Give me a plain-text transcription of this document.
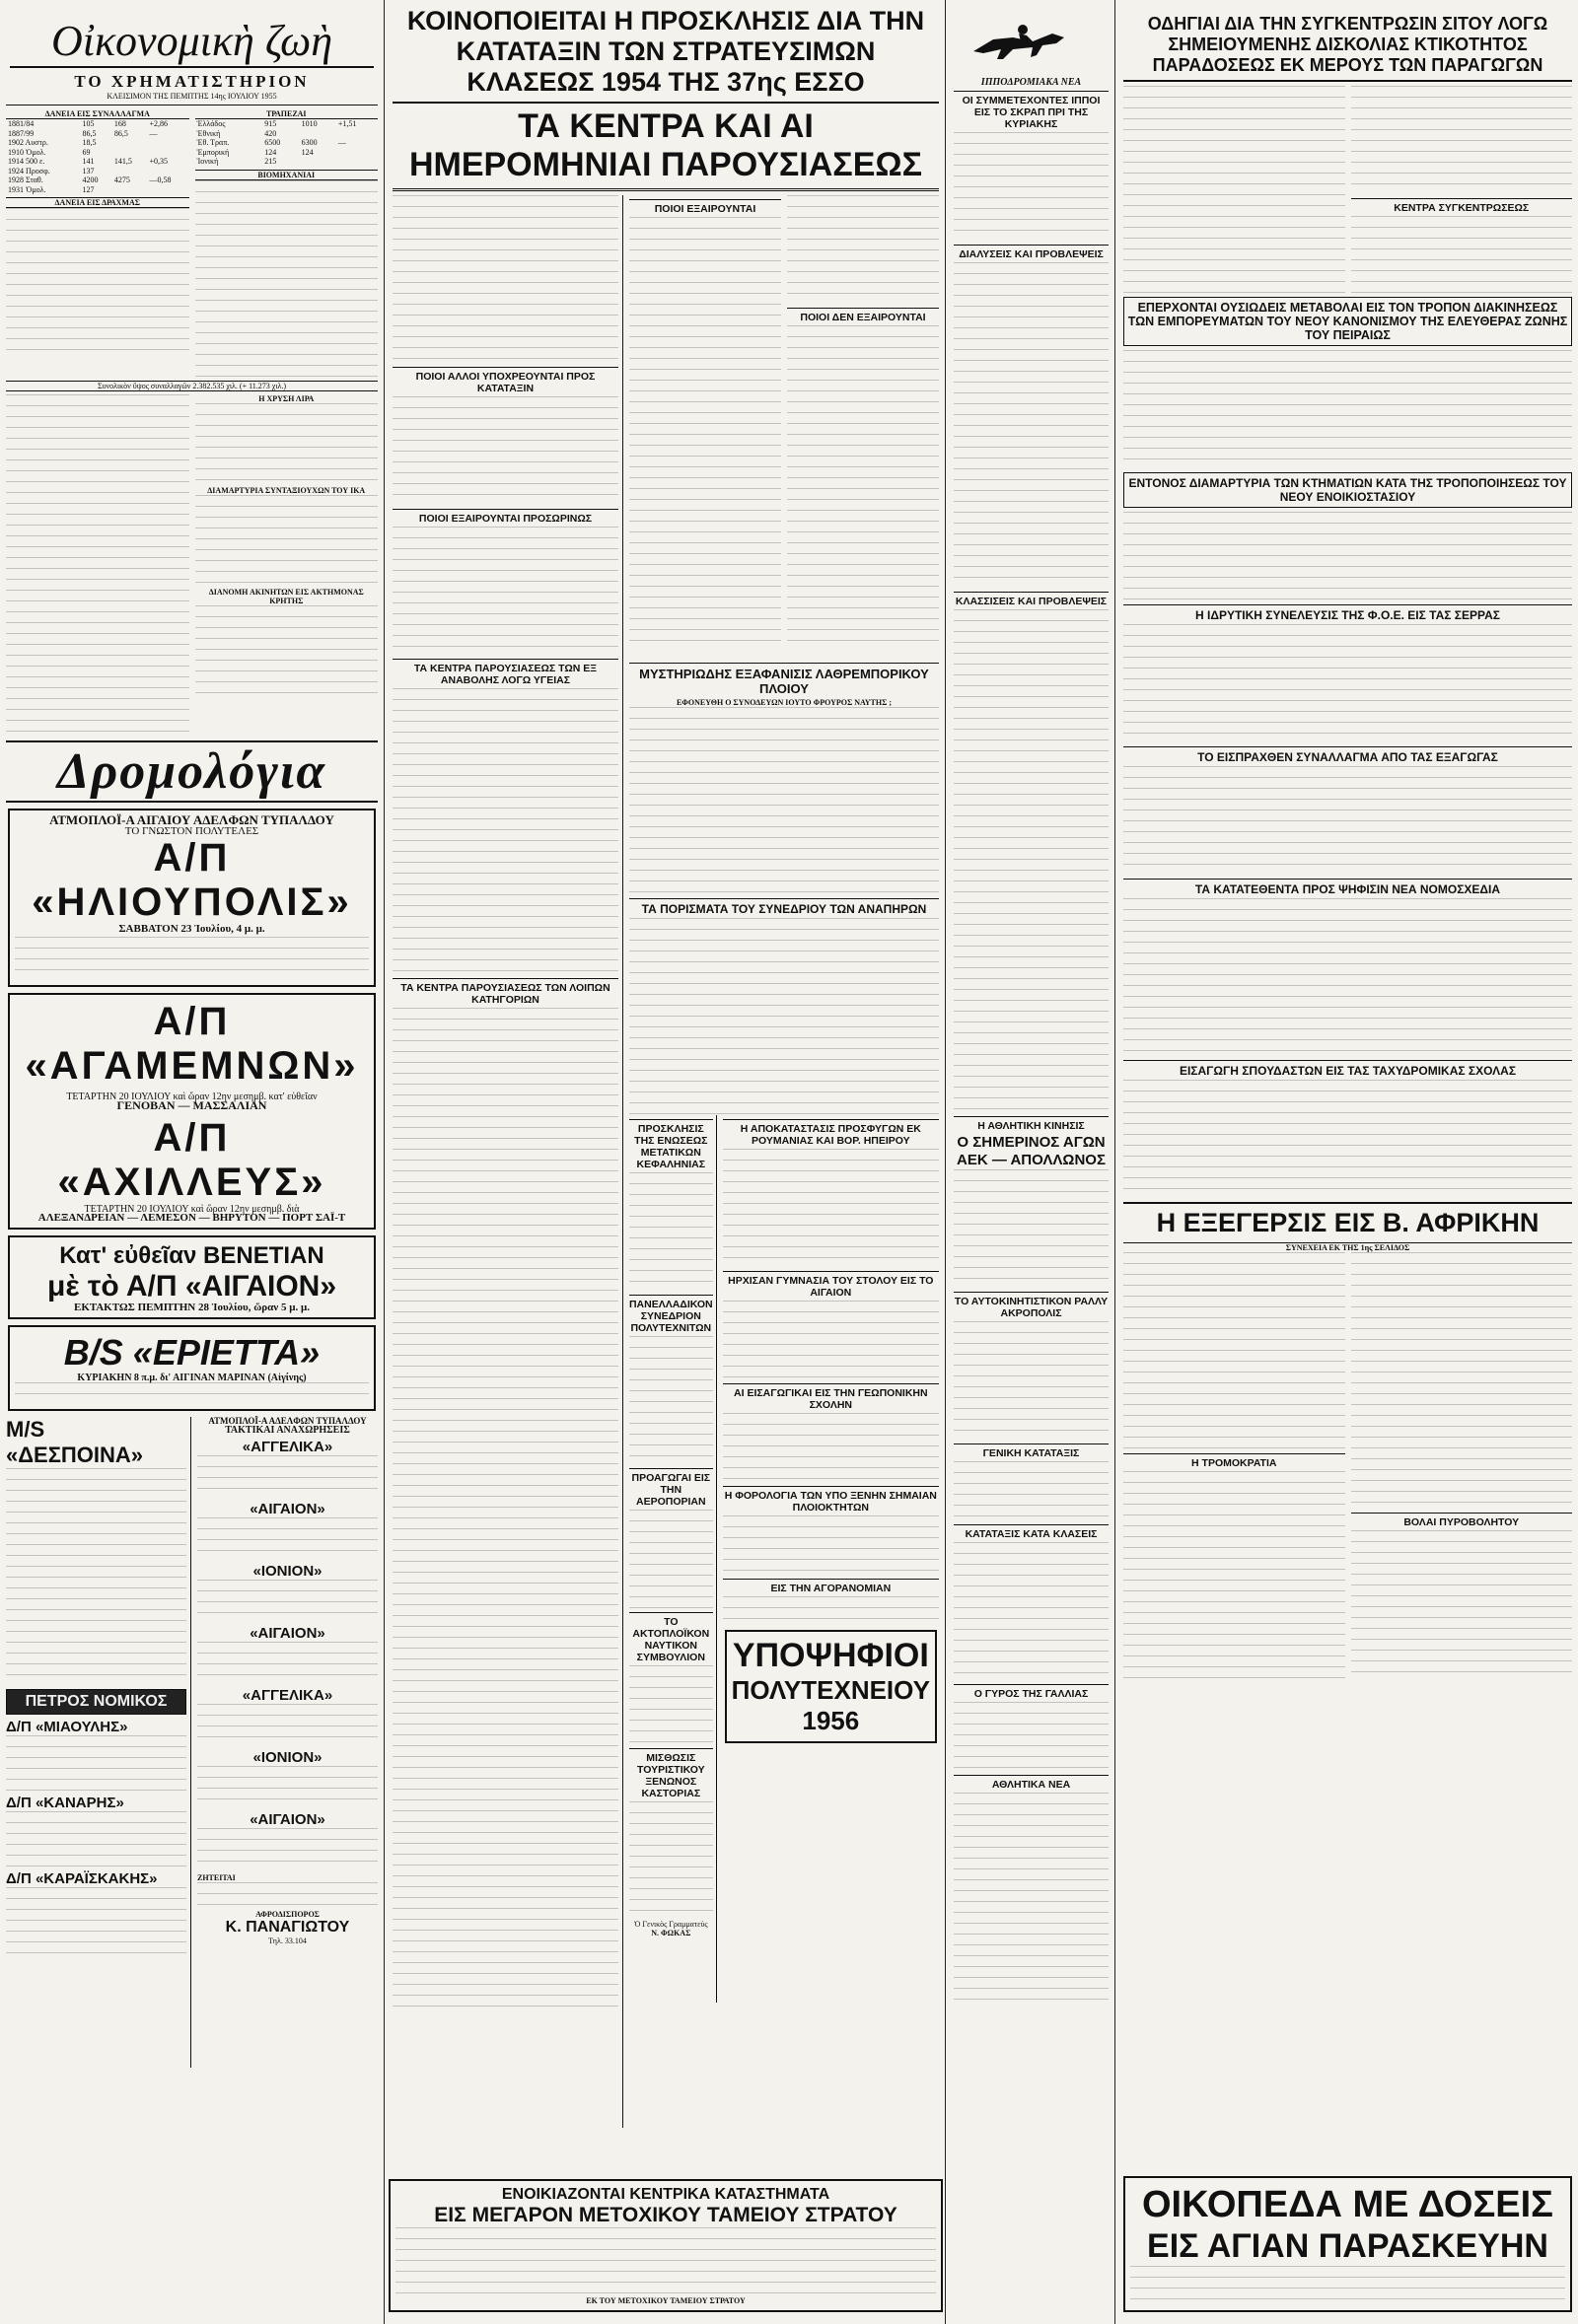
Οἰκονομικὴ ζωὴ
ΤΟ ΧΡΗΜΑΤΙΣΤΗΡΙΟΝ
ΚΛΕΙΣΙΜΟΝ ΤΗΣ ΠΕΜΠΤΗΣ 14ης ΙΟΥΛΙΟΥ 1955
ΔΑΝΕΙΑ ΕΙΣ ΣΥΝΑΛΛΑΓΜΑ
1881/84	105	168	+2,86
1887/99	86,5	86,5	—
1902 Αυστρ.	18,5		
1910 Ὁμολ.	69		
1914 500 ε.	141	141,5	+0,35
1924 Προσφ.	137		
1928 Σταθ.	4200	4275	—0,58
1931 Ὁμολ.	127		
ΔΑΝΕΙΑ ΕΙΣ ΔΡΑΧΜΑΣ
ΤΡΑΠΕΖΑΙ
Ἑλλάδος	915	1010	+1,51
Ἐθνική	420		
Ἐθ. Τραπ.	6500	6300	—
Ἐμπορική	124	124	
Ἰονική	215		
ΒΙΟΜΗΧΑΝΙΑΙ
Συνολικὸν ὕψος συναλλαγῶν 2.382.535 χιλ. (+ 11.273 χιλ.)
Η ΧΡΥΣΗ ΛΙΡΑ
ΔΙΑΜΑΡΤΥΡΙΑ ΣΥΝΤΑΞΙΟΥΧΩΝ ΤΟΥ ΙΚΑ
ΔΙΑΝΟΜΗ ΑΚΙΝΗΤΩΝ ΕΙΣ ΑΚΤΗΜΟΝΑΣ ΚΡΗΤΗΣ
Δρομολόγια
ΑΤΜΟΠΛΟΪ-Α ΑΙΓΑΙΟΥ ΑΔΕΛΦΩΝ ΤΥΠΑΛΔΟΥ
ΤΟ ΓΝΩΣΤΟΝ ΠΟΛΥΤΕΛΕΣ
Α/Π «ΗΛΙΟΥΠΟΛΙΣ»
ΣΑΒΒΑΤΟΝ 23 Ἰουλίου, 4 μ. μ.
Α/Π «ΑΓΑΜΕΜΝΩΝ»
ΤΕΤΑΡΤΗΝ 20 ΙΟΥΛΙΟΥ καὶ ὥραν 12ην μεσημβ. κατ' εὐθεῖαν
ΓΕΝΟΒΑΝ — ΜΑΣΣΑΛΙΑΝ
Α/Π «ΑΧΙΛΛΕΥΣ»
ΤΕΤΑΡΤΗΝ 20 ΙΟΥΛΙΟΥ καὶ ὥραν 12ην μεσημβ. διὰ
ΑΛΕΞΑΝΔΡΕΙΑΝ — ΛΕΜΕΣΟΝ — ΒΗΡΥΤΟΝ — ΠΟΡΤ ΣΑΪ-Τ
Κατ' εὐθεῖαν BENETIAN
μὲ τὸ Α/Π «ΑΙΓΑΙΟΝ»
ΕΚΤΑΚΤΩΣ ΠΕΜΠΤΗΝ 28 Ἰουλίου, ὥραν 5 μ. μ.
Β/S «ΕΡΙΕΤΤΑ»
ΚΥΡΙΑΚΗΝ 8 π.μ. δι' ΑΙΓΙΝΑΝ ΜΑΡΙΝΑΝ (Αἰγίνης)
M/S «ΔΕΣΠΟΙΝΑ»
ΠΕΤΡΟΣ ΝΟΜΙΚΟΣ
Δ/Π «ΜΙΑΟΥΛΗΣ»
Δ/Π «ΚΑΝΑΡΗΣ»
Δ/Π «ΚΑΡΑΪΣΚΑΚΗΣ»
ΑΤΜΟΠΛΟΪ-Α ΑΔΕΛΦΩΝ ΤΥΠΑΛΔΟΥ
ΤΑΚΤΙΚΑΙ ΑΝΑΧΩΡΗΣΕΙΣ
«ΑΓΓΕΛΙΚΑ»
«ΑΙΓΑΙΟΝ»
«ΙΟΝΙΟΝ»
«ΑΙΓΑΙΟΝ»
«ΑΓΓΕΛΙΚΑ»
«ΙΟΝΙΟΝ»
«ΑΙΓΑΙΟΝ»
ΖΗΤΕΙΤΑΙ
ΑΦΡΟΔΙΣΠΟΡΟΣ
Κ. ΠΑΝΑΓΙΩΤΟΥ
Τηλ. 33.104
ΚΟΙΝΟΠΟΙΕΙΤΑΙ Η ΠΡΟΣΚΛΗΣΙΣ ΔΙΑ ΤΗΝ ΚΑΤΑΤΑΞΙΝ ΤΩΝ ΣΤΡΑΤΕΥΣΙΜΩΝ ΚΛΑΣΕΩΣ 1954 ΤΗΣ 37ης ΕΣΣΟ
ΤΑ ΚΕΝΤΡΑ ΚΑΙ ΑΙ ΗΜΕΡΟΜΗΝΙΑΙ ΠΑΡΟΥΣΙΑΣΕΩΣ
ΠΟΙΟΙ ΑΛΛΟΙ ΥΠΟΧΡΕΟΥΝΤΑΙ ΠΡΟΣ ΚΑΤΑΤΑΞΙΝ
ΠΟΙΟΙ ΕΞΑΙΡΟΥΝΤΑΙ ΠΡΟΣΩΡΙΝΩΣ
ΤΑ ΚΕΝΤΡΑ ΠΑΡΟΥΣΙΑΣΕΩΣ ΤΩΝ ΕΞ ΑΝΑΒΟΛΗΣ ΛΟΓΩ ΥΓΕΙΑΣ
ΤΑ ΚΕΝΤΡΑ ΠΑΡΟΥΣΙΑΣΕΩΣ ΤΩΝ ΛΟΙΠΩΝ ΚΑΤΗΓΟΡΙΩΝ
ΠΟΙΟΙ ΕΞΑΙΡΟΥΝΤΑΙ
ΠΟΙΟΙ ΔΕΝ ΕΞΑΙΡΟΥΝΤΑΙ
ΜΥΣΤΗΡΙΩΔΗΣ ΕΞΑΦΑΝΙΣΙΣ ΛΑΘΡΕΜΠΟΡΙΚΟΥ ΠΛΟΙΟΥ
ΕΦΟΝΕΥΘΗ Ο ΣΥΝΟΔΕΥΩΝ ΙΟΥΤΟ ΦΡΟΥΡΟΣ ΝΑΥΤΗΣ ;
ΤΑ ΠΟΡΙΣΜΑΤΑ ΤΟΥ ΣΥΝΕΔΡΙΟΥ ΤΩΝ ΑΝΑΠΗΡΩΝ
ΠΡΟΣΚΛΗΣΙΣ ΤΗΣ ΕΝΩΣΕΩΣ ΜΕΤΑΤΙΚΩΝ ΚΕΦΑΛΗΝΙΑΣ
ΠΑΝΕΛΛΑΔΙΚΟΝ ΣΥΝΕΔΡΙΟΝ ΠΟΛΥΤΕΧΝΙΤΩΝ
ΠΡΟΑΓΩΓΑΙ ΕΙΣ ΤΗΝ ΑΕΡΟΠΟΡΙΑΝ
ΤΟ ΑΚΤΟΠΛΟΪΚΟΝ ΝΑΥΤΙΚΟΝ ΣΥΜΒΟΥΛΙΟΝ
ΜΙΣΘΩΣΙΣ ΤΟΥΡΙΣΤΙΚΟΥ ΞΕΝΩΝΟΣ ΚΑΣΤΟΡΙΑΣ
Ὁ Γενικὸς Γραμματεὺς
Ν. ΦΩΚΑΣ
Η ΑΠΟΚΑΤΑΣΤΑΣΙΣ ΠΡΟΣΦΥΓΩΝ ΕΚ ΡΟΥΜΑΝΙΑΣ ΚΑΙ ΒΟΡ. ΗΠΕΙΡΟΥ
ΗΡΧΙΣΑΝ ΓΥΜΝΑΣΙΑ ΤΟΥ ΣΤΟΛΟΥ ΕΙΣ ΤΟ ΑΙΓΑΙΟΝ
ΑΙ ΕΙΣΑΓΩΓΙΚΑΙ ΕΙΣ ΤΗΝ ΓΕΩΠΟΝΙΚΗΝ ΣΧΟΛΗΝ
Η ΦΟΡΟΛΟΓΙΑ ΤΩΝ ΥΠΟ ΞΕΝΗΝ ΣΗΜΑΙΑΝ ΠΛΟΙΟΚΤΗΤΩΝ
ΕΙΣ ΤΗΝ ΑΓΟΡΑΝΟΜΙΑΝ
ΥΠΟΨΗΦΙΟΙ
ΠΟΛΥΤΕΧΝΕΙΟΥ 1956
ΕΝΟΙΚΙΑΖΟΝΤΑΙ ΚΕΝΤΡΙΚΑ ΚΑΤΑΣΤΗΜΑΤΑ
ΕΙΣ ΜΕΓΑΡΟΝ ΜΕΤΟΧΙΚΟΥ ΤΑΜΕΙΟΥ ΣΤΡΑΤΟΥ
ΕΚ ΤΟΥ ΜΕΤΟΧΙΚΟΥ ΤΑΜΕΙΟΥ ΣΤΡΑΤΟΥ
ΙΠΠΟΔΡΟΜΙΑΚΑ ΝΕΑ
ΟΙ ΣΥΜΜΕΤΕΧΟΝΤΕΣ ΙΠΠΟΙ ΕΙΣ ΤΟ ΣΚΡΑΠ ΠΡΙ ΤΗΣ ΚΥΡΙΑΚΗΣ
ΔΙΑΛΥΣΕΙΣ ΚΑΙ ΠΡΟΒΛΕΨΕΙΣ
ΚΛΑΣΣΙΣΕΙΣ ΚΑΙ ΠΡΟΒΛΕΨΕΙΣ
Η ΑΘΛΗΤΙΚΗ ΚΙΝΗΣΙΣ
Ο ΣΗΜΕΡΙΝΟΣ ΑΓΩΝ ΑΕΚ — ΑΠΟΛΛΩΝΟΣ
ΤΟ ΑΥΤΟΚΙΝΗΤΙΣΤΙΚΟΝ ΡΑΛΛΥ ΑΚΡΟΠΟΛΙΣ
ΓΕΝΙΚΗ ΚΑΤΑΤΑΞΙΣ
ΚΑΤΑΤΑΞΙΣ ΚΑΤΑ ΚΛΑΣΕΙΣ
Ο ΓΥΡΟΣ ΤΗΣ ΓΑΛΛΙΑΣ
ΑΘΛΗΤΙΚΑ ΝΕΑ
ΟΔΗΓΙΑΙ ΔΙΑ ΤΗΝ ΣΥΓΚΕΝΤΡΩΣΙΝ ΣΙΤΟΥ ΛΟΓΩ ΣΗΜΕΙΟΥΜΕΝΗΣ ΔΙΣΚΟΛΙΑΣ ΚΤΙΚΟΤΗΤΟΣ ΠΑΡΑΔΟΣΕΩΣ ΕΚ ΜΕΡΟΥΣ ΤΩΝ ΠΑΡΑΓΩΓΩΝ
ΚΕΝΤΡΑ ΣΥΓΚΕΝΤΡΩΣΕΩΣ
ΕΠΕΡΧΟΝΤΑΙ ΟΥΣΙΩΔΕΙΣ ΜΕΤΑΒΟΛΑΙ ΕΙΣ ΤΟΝ ΤΡΟΠΟΝ ΔΙΑΚΙΝΗΣΕΩΣ ΤΩΝ ΕΜΠΟΡΕΥΜΑΤΩΝ ΤΟΥ ΝΕΟΥ ΚΑΝΟΝΙΣΜΟΥ ΤΗΣ ΕΛΕΥΘΕΡΑΣ ΖΩΝΗΣ ΤΟΥ ΠΕΙΡΑΙΩΣ
ΕΝΤΟΝΟΣ ΔΙΑΜΑΡΤΥΡΙΑ ΤΩΝ ΚΤΗΜΑΤΙΩΝ ΚΑΤΑ ΤΗΣ ΤΡΟΠΟΠΟΙΗΣΕΩΣ ΤΟΥ ΝΕΟΥ ΕΝΟΙΚΙΟΣΤΑΣΙΟΥ
Η ΙΔΡΥΤΙΚΗ ΣΥΝΕΛΕΥΣΙΣ ΤΗΣ Φ.Ο.Ε. ΕΙΣ ΤΑΣ ΣΕΡΡΑΣ
ΤΟ ΕΙΣΠΡΑΧΘΕΝ ΣΥΝΑΛΛΑΓΜΑ ΑΠΟ ΤΑΣ ΕΞΑΓΩΓΑΣ
ΤΑ ΚΑΤΑΤΕΘΕΝΤΑ ΠΡΟΣ ΨΗΦΙΣΙΝ ΝΕΑ ΝΟΜΟΣΧΕΔΙΑ
ΕΙΣΑΓΩΓΗ ΣΠΟΥΔΑΣΤΩΝ ΕΙΣ ΤΑΣ ΤΑΧΥΔΡΟΜΙΚΑΣ ΣΧΟΛΑΣ
Η ΕΞΕΓΕΡΣΙΣ ΕΙΣ Β. ΑΦΡΙΚΗΝ
ΣΥΝΕΧΕΙΑ ΕΚ ΤΗΣ 1ης ΣΕΛΙΔΟΣ
Η ΤΡΟΜΟΚΡΑΤΙΑ
ΒΟΛΑΙ ΠΥΡΟΒΟΛΗΤΟΥ
ΟΙΚΟΠΕΔΑ ΜΕ ΔΟΣΕΙΣ
ΕΙΣ ΑΓΙΑΝ ΠΑΡΑΣΚΕΥΗΝ
